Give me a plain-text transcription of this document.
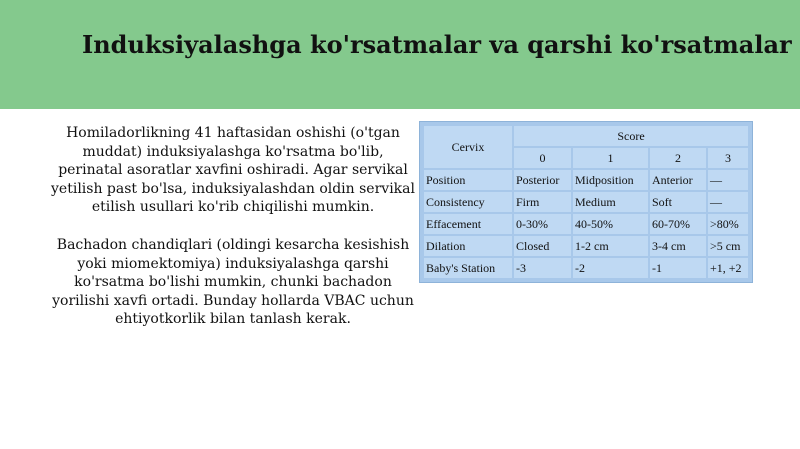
Induksiyalashga ko'rsatmalar va qarshi ko'rsatmalar

Homiladorlikning 41 haftasidan oshishi (o'tgan muddat) induksiyalashga ko'rsatma bo'lib, perinatal asoratlar xavfini oshiradi. Agar servikal yetilish past bo'lsa, induksiyalashdan oldin servikal etilish usullari ko'rib chiqilishi mumkin.

Bachadon chandiqlari (oldingi kesarcha kesishish yoki miomektomiya) induksiyalashga qarshi ko'rsatma bo'lishi mumkin, chunki bachadon yorilishi xavfi ortadi. Bunday hollarda VBAC uchun ehtiyotkorlik bilan tanlash kerak.

Cervix	Score			
	0	1	2	3
Position	Posterior	Midposition	Anterior	—
Consistency	Firm	Medium	Soft	—
Effacement	0-30%	40-50%	60-70%	>80%
Dilation	Closed	1-2 cm	3-4 cm	>5 cm
Baby's Station	-3	-2	-1	+1, +2
